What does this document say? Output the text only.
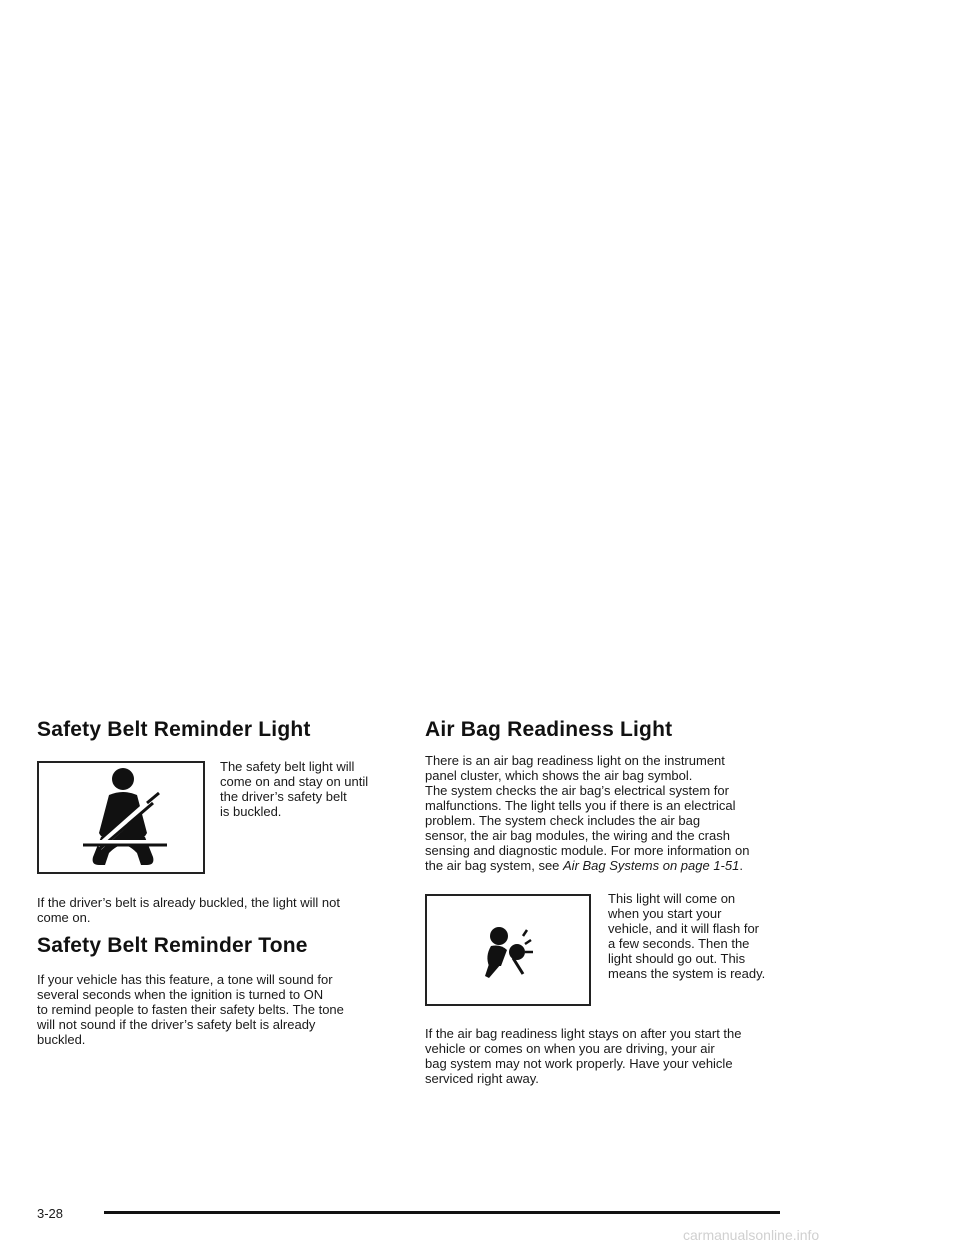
Safety Belt Reminder Light

The safety belt light will

come on and stay on until

the driver’s safety belt

is buckled.

If the driver’s belt is already buckled, the light will not

come on.

Safety Belt Reminder Tone

If your vehicle has this feature, a tone will sound for

several seconds when the ignition is turned to ON

to remind people to fasten their safety belts. The tone

will not sound if the driver’s safety belt is already

buckled.

Air Bag Readiness Light

There is an air bag readiness light on the instrument

panel cluster, which shows the air bag symbol.

The system checks the air bag’s electrical system for

malfunctions. The light tells you if there is an electrical

problem. The system check includes the air bag

sensor, the air bag modules, the wiring and the crash

sensing and diagnostic module. For more information on

the air bag system, see Air Bag Systems on page 1-51.

This light will come on

when you start your

vehicle, and it will flash for

a few seconds. Then the

light should go out. This

means the system is ready.

If the air bag readiness light stays on after you start the

vehicle or comes on when you are driving, your air

bag system may not work properly. Have your vehicle

serviced right away.

3-28
carmanualsonline.info
